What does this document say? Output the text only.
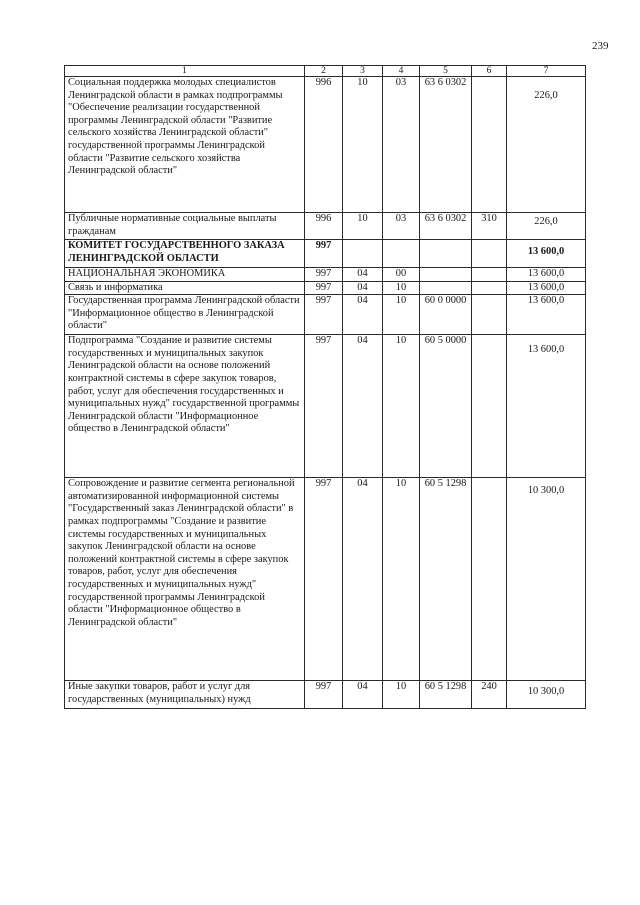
239
1	2	3	4	5	6	7
Социальная поддержка молодых специалистов Ленинградской области в рамках подпрограммы "Обеспечение реализации государственной программы Ленинградской области "Развитие сельского хозяйства Ленинградской области" государственной программы Ленинградской области "Развитие сельского хозяйства Ленинградской области"	996	10	03	63 6 0302		226,0
Публичные нормативные социальные выплаты гражданам	996	10	03	63 6 0302	310	226,0
КОМИТЕТ ГОСУДАРСТВЕННОГО ЗАКАЗА ЛЕНИНГРАДСКОЙ ОБЛАСТИ	997					13 600,0
НАЦИОНАЛЬНАЯ ЭКОНОМИКА	997	04	00			13 600,0
Связь и информатика	997	04	10			13 600,0
Государственная программа Ленинградской области "Информационное общество в Ленинградской области"	997	04	10	60 0 0000		13 600,0
Подпрограмма "Создание и развитие системы государственных и муниципальных закупок Ленинградской области на основе положений контрактной системы в сфере закупок товаров, работ, услуг для обеспечения государственных и муниципальных нужд" государственной программы Ленинградской области "Информационное общество в Ленинградской области"	997	04	10	60 5 0000		13 600,0
Сопровождение и развитие сегмента региональной автоматизированной информационной системы "Государственный заказ Ленинградской области" в рамках подпрограммы "Создание и развитие системы государственных и муниципальных закупок Ленинградской области на основе положений контрактной системы в сфере закупок товаров, работ, услуг для обеспечения государственных и муниципальных нужд" государственной программы Ленинградской области "Информационное общество в Ленинградской области"	997	04	10	60 5 1298		10 300,0
Иные закупки товаров, работ и услуг для государственных (муниципальных) нужд	997	04	10	60 5 1298	240	10 300,0
